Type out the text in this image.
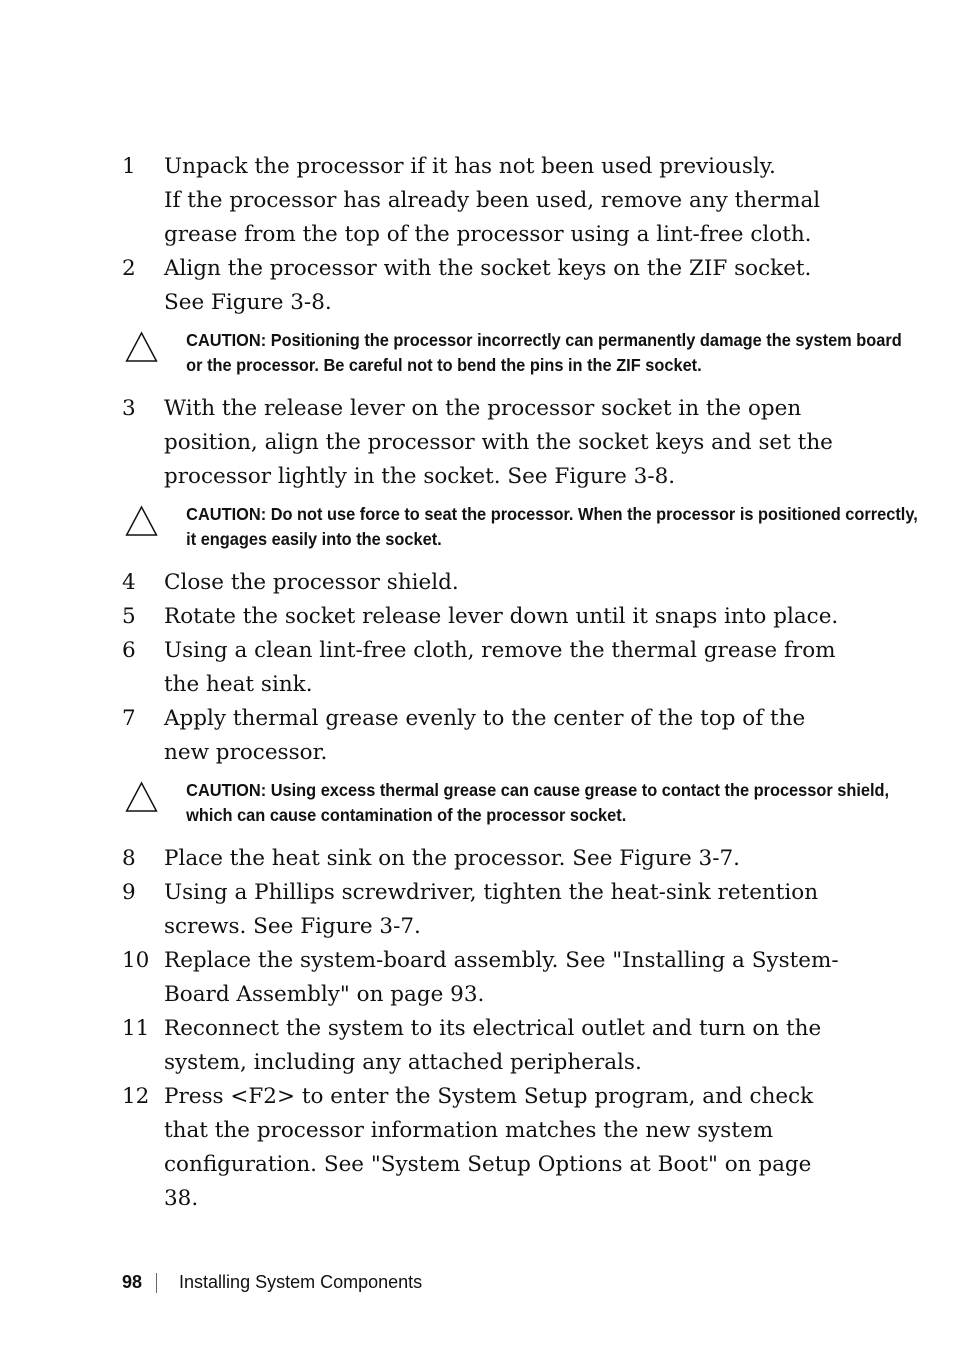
1	Unpack the processor if it has not been used previously.
If the processor has already been used, remove any thermal grease from the top of the processor using a lint-free cloth.
2	Align the processor with the socket keys on the ZIF socket. See Figure 3-8.
CAUTION: Positioning the processor incorrectly can permanently damage the system board or the processor. Be careful not to bend the pins in the ZIF socket.
3	With the release lever on the processor socket in the open position, align the processor with the socket keys and set the processor lightly in the socket. See Figure 3-8.
CAUTION: Do not use force to seat the processor. When the processor is positioned correctly, it engages easily into the socket.
4	Close the processor shield.
5	Rotate the socket release lever down until it snaps into place.
6	Using a clean lint-free cloth, remove the thermal grease from the heat sink.
7	Apply thermal grease evenly to the center of the top of the new processor.
CAUTION: Using excess thermal grease can cause grease to contact the processor shield, which can cause contamination of the processor socket.
8	Place the heat sink on the processor. See Figure 3-7.
9	Using a Phillips screwdriver, tighten the heat-sink retention screws. See Figure 3-7.
10 Replace the system-board assembly. See "Installing a System-Board Assembly" on page 93.
11 Reconnect the system to its electrical outlet and turn on the system, including any attached peripherals.
12 Press <F2> to enter the System Setup program, and check that the processor information matches the new system configuration. See "System Setup Options at Boot" on page 38.
98 Installing System Components
